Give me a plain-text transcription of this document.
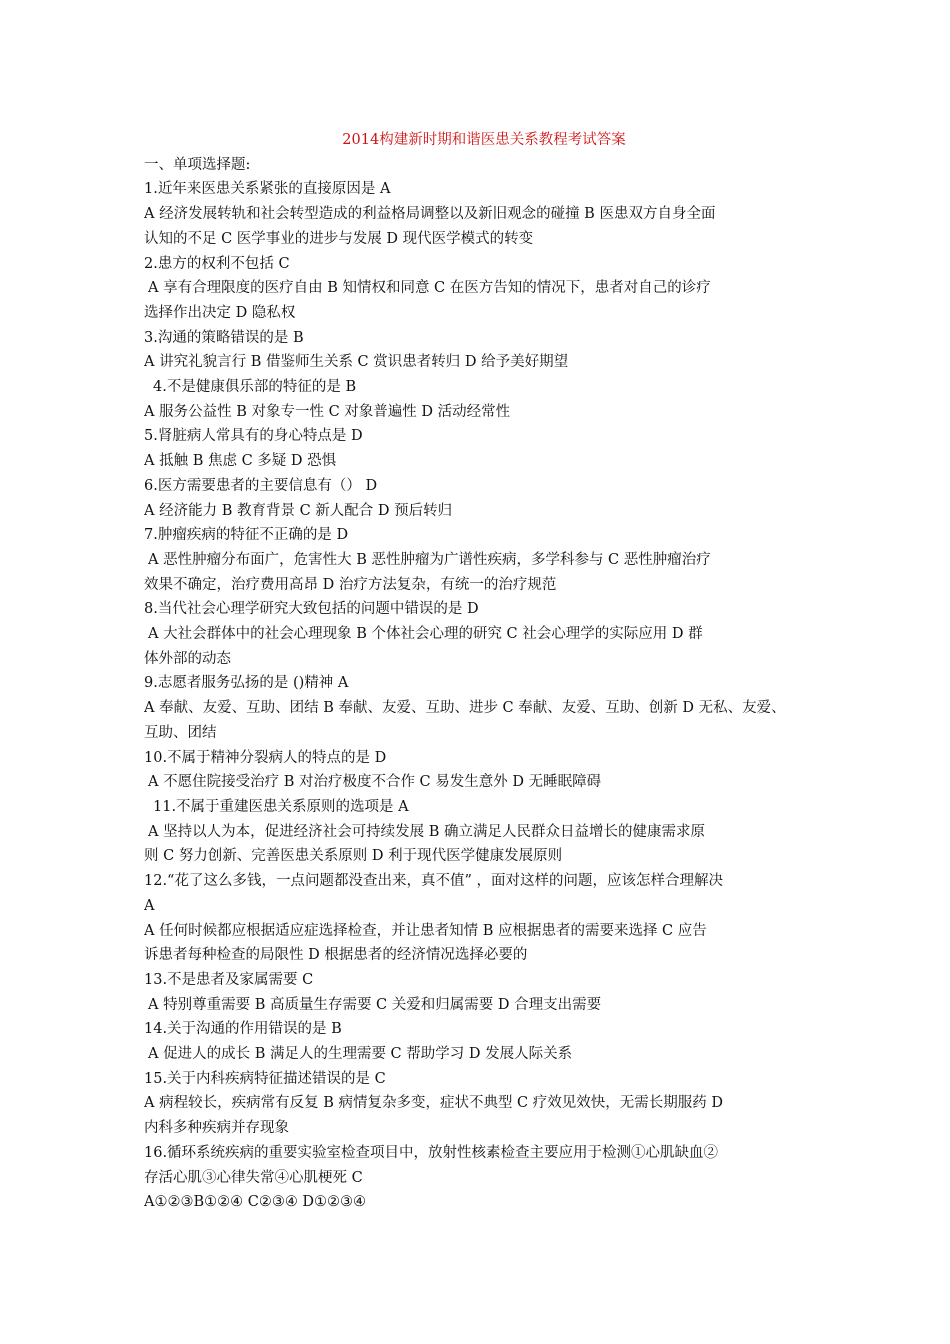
2014构建新时期和谐医患关系教程考试答案
一、单项选择题:
1.近年来医患关系紧张的直接原因是 A
A 经济发展转轨和社会转型造成的利益格局调整以及新旧观念的碰撞 B 医患双方自身全面
认知的不足 C 医学事业的进步与发展 D 现代医学模式的转变
2.患方的权利不包括 C
A 享有合理限度的医疗自由 B 知情权和同意 C 在医方告知的情况下，患者对自己的诊疗
选择作出决定 D 隐私权
3.沟通的策略错误的是 B
A 讲究礼貌言行 B 借鉴师生关系 C 赏识患者转归 D 给予美好期望
4.不是健康俱乐部的特征的是 B
A 服务公益性 B 对象专一性 C 对象普遍性 D 活动经常性
5.肾脏病人常具有的身心特点是 D
A 抵触 B 焦虑 C 多疑 D 恐惧
6.医方需要患者的主要信息有（） D
A 经济能力 B 教育背景 C 新人配合 D 预后转归
7.肿瘤疾病的特征不正确的是 D
A 恶性肿瘤分布面广，危害性大 B 恶性肿瘤为广谱性疾病，多学科参与 C 恶性肿瘤治疗
效果不确定，治疗费用高昂 D 治疗方法复杂，有统一的治疗规范
8.当代社会心理学研究大致包括的问题中错误的是 D
A 大社会群体中的社会心理现象 B 个体社会心理的研究 C 社会心理学的实际应用 D 群
体外部的动态
9.志愿者服务弘扬的是 ()精神 A
A 奉献、友爱、互助、团结 B 奉献、友爱、互助、进步 C 奉献、友爱、互助、创新 D 无私、友爱、
互助、团结
10.不属于精神分裂病人的特点的是 D
A 不愿住院接受治疗 B 对治疗极度不合作 C 易发生意外 D 无睡眠障碍
11.不属于重建医患关系原则的选项是 A
A 坚持以人为本，促进经济社会可持续发展 B 确立满足人民群众日益增长的健康需求原
则 C 努力创新、完善医患关系原则 D 利于现代医学健康发展原则
12.“花了这么多钱，一点问题都没查出来，真不值” ，面对这样的问题，应该怎样合理解决
A
A 任何时候都应根据适应症选择检查，并让患者知情 B 应根据患者的需要来选择 C 应告
诉患者每种检查的局限性 D 根据患者的经济情况选择必要的
13.不是患者及家属需要 C
A 特别尊重需要 B 高质量生存需要 C 关爱和归属需要 D 合理支出需要
14.关于沟通的作用错误的是 B
A 促进人的成长 B 满足人的生理需要 C 帮助学习 D 发展人际关系
15.关于内科疾病特征描述错误的是 C
A 病程较长，疾病常有反复 B 病情复杂多变，症状不典型 C 疗效见效快，无需长期服药 D
内科多种疾病并存现象
16.循环系统疾病的重要实验室检查项目中，放射性核素检查主要应用于检测①心肌缺血②
存活心肌③心律失常④心肌梗死 C
A①②③B①②④ C②③④ D①②③④
